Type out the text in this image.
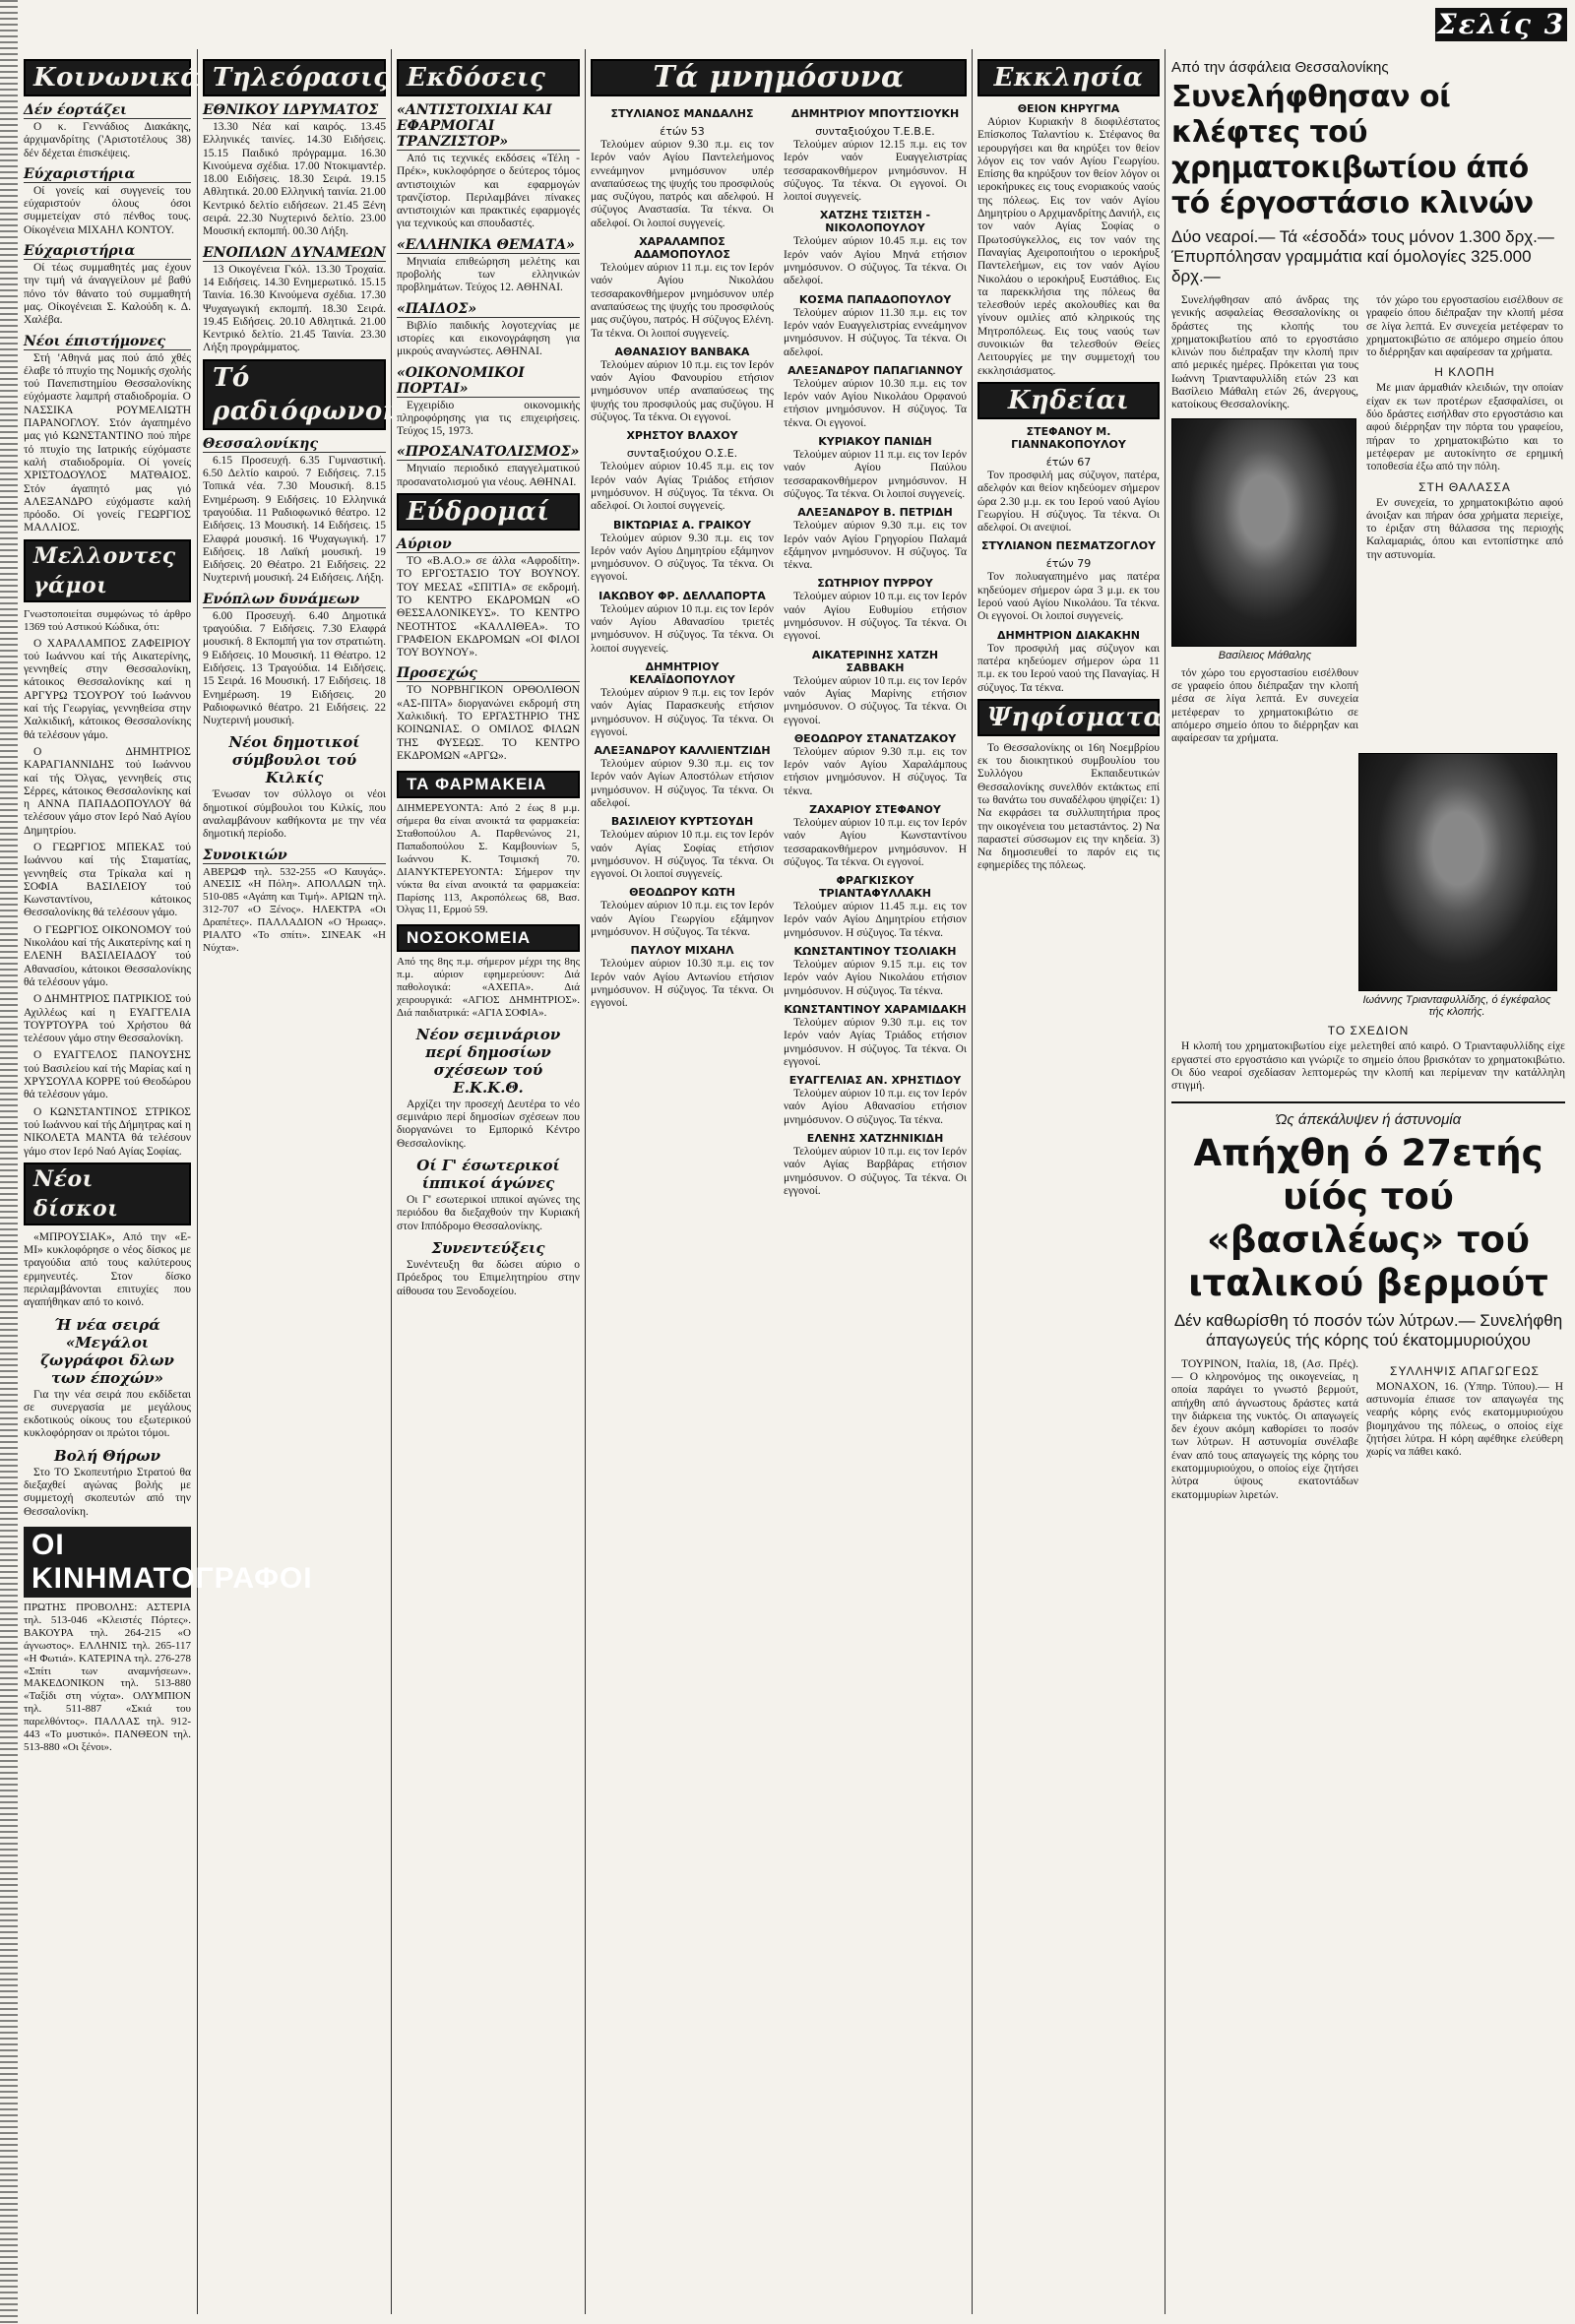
Κοινωνικά
Δέν έορτάζει

Ο κ. Γεννάδιος Διακάκης, άρχιμανδρίτης ('Αριστοτέλους 38) δέν δέχεται έπισκέψεις.

Εύχαριστήρια

Οί γονείς καί συγγενείς του εύχαριστούν όλους όσοι συμμετείχαν στό πένθος τους. Οίκογένεια ΜΙΧΑΗΛ ΚΟΝΤΟΥ.

Εύχαριστήρια

Οί τέως συμμαθητές μας έχουν την τιμή νά άναγγείλουν μέ βαθύ πόνο τόν θάνατο τού συμμαθητή μας. Οίκογένειαι Σ. Καλούδη κ. Δ. Χαλέβα.

Νέοι έπιστήμονες

Στή 'Αθηνά μας πού άπό χθές έλαβε τό πτυχίο της Νομικής σχολής τού Πανεπιστημίου Θεσσαλονίκης εύχόμαστε λαμπρή σταδιοδρομία. Ο ΝΑΣΣΙΚΑ ΡΟΥΜΕΛΙΩΤΗ ΠΑΡΑΝΟΓΛΟΥ. Στόν άγαπημένο μας γιό ΚΩΝΣΤΑΝΤΙΝΟ πού πήρε τό πτυχίο της Ιατρικής εύχόμαστε καλή σταδιοδρομία. Οί γονείς ΧΡΙΣΤΟΔΟΥΛΟΣ ΜΑΤΘΑΙΟΣ. Στόν άγαπητό μας γιό ΑΛΕΞΑΝΔΡΟ εύχόμαστε καλή πρόοδο. Οί γονείς ΓΕΩΡΓΙΟΣ ΜΑΛΛΙΟΣ.

Μελλοντες γάμοι

Γνωστοποιείται συμφώνως τό άρθρο 1369 τού Αστικού Κώδικα, ότι:

Ο ΧΑΡΑΛΑΜΠΟΣ ΖΑΦΕΙΡΙΟΥ τού Ιωάννου καί τής Αικατερίνης, γεννηθείς στην Θεσσαλονίκη, κάτοικος Θεσσαλονίκης καί η ΑΡΓΥΡΩ ΤΣΟΥΡΟΥ τού Ιωάννου καί τής Γεωργίας, γεννηθείσα στην Χαλκιδική, κάτοικος Θεσσαλονίκης θά τελέσουν γάμο.

Ο ΔΗΜΗΤΡΙΟΣ ΚΑΡΑΓΙΑΝΝΙΔΗΣ τού Ιωάννου καί τής Όλγας, γεννηθείς στις Σέρρες, κάτοικος Θεσσαλονίκης καί η ΑΝΝΑ ΠΑΠΑΔΟΠΟΥΛΟΥ θά τελέσουν γάμο στον Ιερό Ναό Αγίου Δημητρίου.

Ο ΓΕΩΡΓΙΟΣ ΜΠΕΚΑΣ τού Ιωάννου καί τής Σταματίας, γεννηθείς στα Τρίκαλα καί η ΣΟΦΙΑ ΒΑΣΙΛΕΙΟΥ τού Κωνσταντίνου, κάτοικος Θεσσαλονίκης θά τελέσουν γάμο.

Ο ΓΕΩΡΓΙΟΣ ΟΙΚΟΝΟΜΟΥ τού Νικολάου καί τής Αικατερίνης καί η ΕΛΕΝΗ ΒΑΣΙΛΕΙΑΔΟΥ τού Αθανασίου, κάτοικοι Θεσσαλονίκης θά τελέσουν γάμο.

Ο ΔΗΜΗΤΡΙΟΣ ΠΑΤΡΙΚΙΟΣ τού Αχιλλέως καί η ΕΥΑΓΓΕΛΙΑ ΤΟΥΡΤΟΥΡΑ τού Χρήστου θά τελέσουν γάμο στην Θεσσαλονίκη.

Ο ΕΥΑΓΓΕΛΟΣ ΠΑΝΟΥΣΗΣ τού Βασιλείου καί τής Μαρίας καί η ΧΡΥΣΟΥΛΑ ΚΟΡΡΕ τού Θεοδώρου θά τελέσουν γάμο.

Ο ΚΩΝΣΤΑΝΤΙΝΟΣ ΣΤΡΙΚΟΣ τού Ιωάννου καί τής Δήμητρας καί η ΝΙΚΟΛΕΤΑ ΜΑΝΤΑ θά τελέσουν γάμο στον Ιερό Ναό Αγίας Σοφίας.

Νέοι δίσκοι

«ΜΠΡΟΥΣΙΑΚ», Από την «Ε-ΜΙ» κυκλοφόρησε ο νέος δίσκος με τραγούδια από τους καλύτερους ερμηνευτές. Στον δίσκο περιλαμβάνονται επιτυχίες που αγαπήθηκαν από το κοινό.

Ή νέα σειρά «Μεγάλοι ζωγράφοι δλων των έποχών»

Για την νέα σειρά που εκδίδεται σε συνεργασία με μεγάλους εκδοτικούς οίκους του εξωτερικού κυκλοφόρησαν οι πρώτοι τόμοι.

Βολή Θήρων

Στο ΤΟ Σκοπευτήριο Στρατού θα διεξαχθεί αγώνας βολής με συμμετοχή σκοπευτών από την Θεσσαλονίκη.

ΟΙ ΚΙΝΗΜΑΤΟΓΡΑΦΟΙ

ΠΡΩΤΗΣ ΠΡΟΒΟΛΗΣ: ΑΣΤΕΡΙΑ τηλ. 513-046 «Κλειστές Πόρτες». ΒΑΚΟΥΡΑ τηλ. 264-215 «Ο άγνωστος». ΕΛΛΗΝΙΣ τηλ. 265-117 «Η Φωτιά». ΚΑΤΕΡΙΝΑ τηλ. 276-278 «Σπίτι των αναμνήσεων». ΜΑΚΕΔΟΝΙΚΟΝ τηλ. 513-880 «Ταξίδι στη νύχτα». ΟΛΥΜΠΙΟΝ τηλ. 511-887 «Σκιά του παρελθόντος». ΠΑΛΛΑΣ τηλ. 912-443 «Το μυστικό». ΠΑΝΘΕΟΝ τηλ. 513-880 «Οι ξένοι».

Τηλεόρασις
ΕΘΝΙΚΟΥ ΙΔΡΥΜΑΤΟΣ

13.30 Νέα καί καιρός. 13.45 Ελληνικές ταινίες. 14.30 Ειδήσεις. 15.15 Παιδικό πρόγραμμα. 16.30 Κινούμενα σχέδια. 17.00 Ντοκιμαντέρ. 18.00 Ειδήσεις. 18.30 Σειρά. 19.15 Αθλητικά. 20.00 Ελληνική ταινία. 21.00 Κεντρικό δελτίο ειδήσεων. 21.45 Ξένη σειρά. 22.30 Νυχτερινό δελτίο. 23.00 Μουσική εκπομπή. 00.30 Λήξη.

ΕΝΟΠΛΩΝ ΔΥΝΑΜΕΩΝ

13 Οικογένεια Γκόλ. 13.30 Τροχαία. 14 Ειδήσεις. 14.30 Ενημερωτικό. 15.15 Ταινία. 16.30 Κινούμενα σχέδια. 17.30 Ψυχαγωγική εκπομπή. 18.30 Σειρά. 19.45 Ειδήσεις. 20.10 Αθλητικά. 21.00 Κεντρικό δελτίο. 21.45 Ταινία. 23.30 Λήξη προγράμματος.

Τό ραδιόφωνον
Θεσσαλονίκης

6.15 Προσευχή. 6.35 Γυμναστική. 6.50 Δελτίο καιρού. 7 Ειδήσεις. 7.15 Τοπικά νέα. 7.30 Μουσική. 8.15 Ενημέρωση. 9 Ειδήσεις. 10 Ελληνικά τραγούδια. 11 Ραδιοφωνικό θέατρο. 12 Ειδήσεις. 13 Μουσική. 14 Ειδήσεις. 15 Ελαφρά μουσική. 16 Ψυχαγωγική. 17 Ειδήσεις. 18 Λαϊκή μουσική. 19 Ειδήσεις. 20 Θέατρο. 21 Ειδήσεις. 22 Νυχτερινή μουσική. 24 Ειδήσεις. Λήξη.

Ενόπλων δυνάμεων

6.00 Προσευχή. 6.40 Δημοτικά τραγούδια. 7 Ειδήσεις. 7.30 Ελαφρά μουσική. 8 Εκπομπή για τον στρατιώτη. 9 Ειδήσεις. 10 Μουσική. 11 Θέατρο. 12 Ειδήσεις. 13 Τραγούδια. 14 Ειδήσεις. 15 Σειρά. 16 Μουσική. 17 Ειδήσεις. 18 Ενημέρωση. 19 Ειδήσεις. 20 Ραδιοφωνικό θέατρο. 21 Ειδήσεις. 22 Νυχτερινή μουσική.

Νέοι δημοτικοί σύμβουλοι τού Κιλκίς

Ένωσαν τον σύλλογο οι νέοι δημοτικοί σύμβουλοι του Κιλκίς, που αναλαμβάνουν καθήκοντα με την νέα δημοτική περίοδο.

Συνοικιών

ΑΒΕΡΩΦ τηλ. 532-255 «Ο Καυγάς». ΑΝΕΣΙΣ «Η Πόλη». ΑΠΟΛΛΩΝ τηλ. 510-085 «Αγάπη και Τιμή». ΑΡΙΩΝ τηλ. 312-707 «Ο Ξένος». ΗΛΕΚΤΡΑ «Οι Δραπέτες». ΠΑΛΛΑΔΙΟΝ «Ο Ήρωας». ΡΙΑΛΤΟ «Το σπίτι». ΣΙΝΕΑΚ «Η Νύχτα».

Εκδόσεις
«ΑΝΤΙΣΤΟΙΧΙΑΙ ΚΑΙ ΕΦΑΡΜΟΓΑΙ ΤΡΑΝΖΙΣΤΟΡ»

Από τις τεχνικές εκδόσεις «Τέλη - Πρέκ», κυκλοφόρησε ο δεύτερος τόμος αντιστοιχιών και εφαρμογών τρανζίστορ. Περιλαμβάνει πίνακες αντιστοιχιών και πρακτικές εφαρμογές για τεχνικούς και σπουδαστές.

«ΕΛΛΗΝΙΚΑ ΘΕΜΑΤΑ»

Μηνιαία επιθεώρηση μελέτης και προβολής των ελληνικών προβλημάτων. Τεύχος 12. ΑΘΗΝΑΙ.

«ΠΑΙΔΟΣ»

Βιβλίο παιδικής λογοτεχνίας με ιστορίες και εικονογράφηση για μικρούς αναγνώστες. ΑΘΗΝΑΙ.

«ΟΙΚΟΝΟΜΙΚΟΙ ΠΟΡΤΑΙ»

Εγχειρίδιο οικονομικής πληροφόρησης για τις επιχειρήσεις. Τεύχος 15, 1973.

«ΠΡΟΣΑΝΑΤΟΛΙΣΜΟΣ»

Μηνιαίο περιοδικό επαγγελματικού προσανατολισμού για νέους. ΑΘΗΝΑΙ.

Εύδρομαί
Αύριον

ΤΟ «Β.Α.Ο.» σε άλλα «Αφροδίτη». ΤΟ ΕΡΓΟΣΤΑΣΙΟ ΤΟΥ ΒΟΥΝΟΥ. ΤΟΥ ΜΕΣΑΣ «ΣΠΙΤΙΑ» σε εκδρομή. ΤΟ ΚΕΝΤΡΟ ΕΚΔΡΟΜΩΝ «Ο ΘΕΣΣΑΛΟΝΙΚΕΥΣ». ΤΟ ΚΕΝΤΡΟ ΝΕΟΤΗΤΟΣ «ΚΑΛΛΙΘΕΑ». ΤΟ ΓΡΑΦΕΙΟΝ ΕΚΔΡΟΜΩΝ «ΟΙ ΦΙΛΟΙ ΤΟΥ ΒΟΥΝΟΥ».

Προσεχώς

ΤΟ ΝΟΡΒΗΓΙΚΟΝ ΟΡΘΟΛΙΘΟΝ «ΑΣ-ΠΙΤΑ» διοργανώνει εκδρομή στη Χαλκιδική. ΤΟ ΕΡΓΑΣΤΗΡΙΟ ΤΗΣ ΚΟΙΝΩΝΙΑΣ. Ο ΟΜΙΛΟΣ ΦΙΛΩΝ ΤΗΣ ΦΥΣΕΩΣ. ΤΟ ΚΕΝΤΡΟ ΕΚΔΡΟΜΩΝ «ΑΡΓΩ».

ΤΑ ΦΑΡΜΑΚΕΙΑ

ΔΙΗΜΕΡΕΥΟΝΤΑ: Από 2 έως 8 μ.μ. σήμερα θα είναι ανοικτά τα φαρμακεία: Σταθοπούλου Α. Παρθενώνος 21, Παπαδοπούλου Σ. Καμβουνίων 5, Ιωάννου Κ. Τσιμισκή 70. ΔΙΑΝΥΚΤΕΡΕΥΟΝΤΑ: Σήμερον την νύκτα θα είναι ανοικτά τα φαρμακεία: Παρίσης 113, Ακροπόλεως 68, Βασ. Όλγας 11, Ερμού 59.

ΝΟΣΟΚΟΜΕΙΑ

Από της 8ης π.μ. σήμερον μέχρι της 8ης π.μ. αύριον εφημερεύουν: Διά παθολογικά: «ΑΧΕΠΑ». Διά χειρουργικά: «ΑΓΙΟΣ ΔΗΜΗΤΡΙΟΣ». Διά παιδιατρικά: «ΑΓΙΑ ΣΟΦΙΑ».

Νέον σεμινάριον περί δημοσίων σχέσεων τού Ε.Κ.Κ.Θ.

Αρχίζει την προσεχή Δευτέρα το νέο σεμινάριο περί δημοσίων σχέσεων που διοργανώνει το Εμπορικό Κέντρο Θεσσαλονίκης.

Οί Γ' έσωτερικοί ίππικοί άγώνες

Οι Γ' εσωτερικοί ιππικοί αγώνες της περιόδου θα διεξαχθούν την Κυριακή στον Ιππόδρομο Θεσσαλονίκης.

Συνεντεύξεις

Συνέντευξη θα δώσει αύριο ο Πρόεδρος του Επιμελητηρίου στην αίθουσα του Ξενοδοχείου.

Τά μνημόσυνα
ΣΤΥΛΙΑΝΟΣ ΜΑΝΔΑΛΗΣ
έτών 53

Τελούμεν αύριον 9.30 π.μ. εις τον Ιερόν ναόν Αγίου Παντελεήμονος εννεάμηνον μνημόσυνον υπέρ αναπαύσεως της ψυχής του προσφιλούς μας συζύγου, πατρός και αδελφού. Η σύζυγος Αναστασία. Τα τέκνα. Οι αδελφοί. Οι λοιποί συγγενείς.

ΧΑΡΑΛΑΜΠΟΣ ΑΔΑΜΟΠΟΥΛΟΣ

Τελούμεν αύριον 11 π.μ. εις τον Ιερόν ναόν Αγίου Νικολάου τεσσαρακονθήμερον μνημόσυνον υπέρ αναπαύσεως της ψυχής του προσφιλούς μας συζύγου, πατρός. Η σύζυγος Ελένη. Τα τέκνα. Οι λοιποί συγγενείς.

ΑΘΑΝΑΣΙΟΥ ΒΑΝΒΑΚΑ

Τελούμεν αύριον 10 π.μ. εις τον Ιερόν ναόν Αγίου Φανουρίου ετήσιον μνημόσυνον υπέρ αναπαύσεως της ψυχής του προσφιλούς μας συζύγου. Η σύζυγος. Τα τέκνα. Οι εγγονοί.

ΧΡΗΣΤΟΥ ΒΛΑΧΟΥ
συνταξιούχου Ο.Σ.Ε.

Τελούμεν αύριον 10.45 π.μ. εις τον Ιερόν ναόν Αγίας Τριάδος ετήσιον μνημόσυνον. Η σύζυγος. Τα τέκνα. Οι αδελφοί. Οι λοιποί συγγενείς.

ΒΙΚΤΩΡΙΑΣ Α. ΓΡΑΙΚΟΥ

Τελούμεν αύριον 9.30 π.μ. εις τον Ιερόν ναόν Αγίου Δημητρίου εξάμηνον μνημόσυνον. Ο σύζυγος. Τα τέκνα. Οι εγγονοί.

ΙΑΚΩΒΟΥ ΦΡ. ΔΕΛΛΑΠΟΡΤΑ

Τελούμεν αύριον 10 π.μ. εις τον Ιερόν ναόν Αγίου Αθανασίου τριετές μνημόσυνον. Η σύζυγος. Τα τέκνα. Οι λοιποί συγγενείς.

ΔΗΜΗΤΡΙΟΥ ΚΕΛΑΪΔΟΠΟΥΛΟΥ

Τελούμεν αύριον 9 π.μ. εις τον Ιερόν ναόν Αγίας Παρασκευής ετήσιον μνημόσυνον. Η σύζυγος. Τα τέκνα. Οι εγγονοί.

ΑΛΕΞΑΝΔΡΟΥ ΚΑΛΛΙΕΝΤΖΙΔΗ

Τελούμεν αύριον 9.30 π.μ. εις τον Ιερόν ναόν Αγίων Αποστόλων ετήσιον μνημόσυνον. Η σύζυγος. Τα τέκνα. Οι αδελφοί.

ΒΑΣΙΛΕΙΟΥ ΚΥΡΤΣΟΥΔΗ

Τελούμεν αύριον 10 π.μ. εις τον Ιερόν ναόν Αγίας Σοφίας ετήσιον μνημόσυνον. Η σύζυγος. Τα τέκνα. Οι εγγονοί. Οι λοιποί συγγενείς.

ΘΕΟΔΩΡΟΥ ΚΩΤΗ

Τελούμεν αύριον 10 π.μ. εις τον Ιερόν ναόν Αγίου Γεωργίου εξάμηνον μνημόσυνον. Η σύζυγος. Τα τέκνα.

ΠΑΥΛΟΥ ΜΙΧΑΗΛ

Τελούμεν αύριον 10.30 π.μ. εις τον Ιερόν ναόν Αγίου Αντωνίου ετήσιον μνημόσυνον. Η σύζυγος. Τα τέκνα. Οι εγγονοί.

ΔΗΜΗΤΡΙΟΥ ΜΠΟΥΤΣΙΟΥΚΗ
συνταξιούχου Τ.Ε.Β.Ε.

Τελούμεν αύριον 12.15 π.μ. εις τον Ιερόν ναόν Ευαγγελιστρίας τεσσαρακονθήμερον μνημόσυνον. Η σύζυγος. Τα τέκνα. Οι εγγονοί. Οι λοιποί συγγενείς.

ΧΑΤΖΗΣ ΤΣΙΣΤΣΗ - ΝΙΚΟΛΟΠΟΥΛΟΥ

Τελούμεν αύριον 10.45 π.μ. εις τον Ιερόν ναόν Αγίου Μηνά ετήσιον μνημόσυνον. Ο σύζυγος. Τα τέκνα. Οι αδελφοί.

ΚΟΣΜΑ ΠΑΠΑΔΟΠΟΥΛΟΥ

Τελούμεν αύριον 11.30 π.μ. εις τον Ιερόν ναόν Ευαγγελιστρίας εννεάμηνον μνημόσυνον. Η σύζυγος. Τα τέκνα. Οι αδελφοί.

ΑΛΕΞΑΝΔΡΟΥ ΠΑΠΑΓΙΑΝΝΟΥ

Τελούμεν αύριον 10.30 π.μ. εις τον Ιερόν ναόν Αγίου Νικολάου Ορφανού ετήσιον μνημόσυνον. Η σύζυγος. Τα τέκνα. Οι εγγονοί.

ΚΥΡΙΑΚΟΥ ΠΑΝΙΔΗ

Τελούμεν αύριον 11 π.μ. εις τον Ιερόν ναόν Αγίου Παύλου τεσσαρακονθήμερον μνημόσυνον. Η σύζυγος. Τα τέκνα. Οι λοιποί συγγενείς.

ΑΛΕΞΑΝΔΡΟΥ Β. ΠΕΤΡΙΔΗ

Τελούμεν αύριον 9.30 π.μ. εις τον Ιερόν ναόν Αγίου Γρηγορίου Παλαμά εξάμηνον μνημόσυνον. Η σύζυγος. Τα τέκνα.

ΣΩΤΗΡΙΟΥ ΠΥΡΡΟΥ

Τελούμεν αύριον 10 π.μ. εις τον Ιερόν ναόν Αγίου Ευθυμίου ετήσιον μνημόσυνον. Η σύζυγος. Τα τέκνα. Οι εγγονοί.

ΑΙΚΑΤΕΡΙΝΗΣ ΧΑΤΖΗ ΣΑΒΒΑΚΗ

Τελούμεν αύριον 10 π.μ. εις τον Ιερόν ναόν Αγίας Μαρίνης ετήσιον μνημόσυνον. Ο σύζυγος. Τα τέκνα. Οι εγγονοί.

ΘΕΟΔΩΡΟΥ ΣΤΑΝΑΤΖΑΚΟΥ

Τελούμεν αύριον 9.30 π.μ. εις τον Ιερόν ναόν Αγίου Χαραλάμπους ετήσιον μνημόσυνον. Η σύζυγος. Τα τέκνα.

ΖΑΧΑΡΙΟΥ ΣΤΕΦΑΝΟΥ

Τελούμεν αύριον 10 π.μ. εις τον Ιερόν ναόν Αγίου Κωνσταντίνου τεσσαρακονθήμερον μνημόσυνον. Η σύζυγος. Τα τέκνα. Οι εγγονοί.

ΦΡΑΓΚΙΣΚΟΥ ΤΡΙΑΝΤΑΦΥΛΛΑΚΗ

Τελούμεν αύριον 11.45 π.μ. εις τον Ιερόν ναόν Αγίου Δημητρίου ετήσιον μνημόσυνον. Η σύζυγος. Τα τέκνα.

ΚΩΝΣΤΑΝΤΙΝΟΥ ΤΣΟΛΙΑΚΗ

Τελούμεν αύριον 9.15 π.μ. εις τον Ιερόν ναόν Αγίου Νικολάου ετήσιον μνημόσυνον. Η σύζυγος. Τα τέκνα.

ΚΩΝΣΤΑΝΤΙΝΟΥ ΧΑΡΑΜΙΔΑΚΗ

Τελούμεν αύριον 9.30 π.μ. εις τον Ιερόν ναόν Αγίας Τριάδος ετήσιον μνημόσυνον. Η σύζυγος. Τα τέκνα. Οι εγγονοί.

ΕΥΑΓΓΕΛΙΑΣ ΑΝ. ΧΡΗΣΤΙΔΟΥ

Τελούμεν αύριον 10 π.μ. εις τον Ιερόν ναόν Αγίου Αθανασίου ετήσιον μνημόσυνον. Ο σύζυγος. Τα τέκνα.

ΕΛΕΝΗΣ ΧΑΤΖΗΝΙΚΙΔΗ

Τελούμεν αύριον 10 π.μ. εις τον Ιερόν ναόν Αγίας Βαρβάρας ετήσιον μνημόσυνον. Ο σύζυγος. Τα τέκνα. Οι εγγονοί.

Εκκλησία
ΘΕΙΟΝ ΚΗΡΥΓΜΑ

Αύριον Κυριακήν 8 διοφιλέστατος Επίσκοπος Ταλαντίου κ. Στέφανος θα ιερουργήσει και θα κηρύξει τον θείον λόγον εις τον ναόν Αγίου Γεωργίου. Επίσης θα κηρύξουν τον θείον λόγον οι ιεροκήρυκες εις τους ενοριακούς ναούς της πόλεως. Εις τον ναόν Αγίου Δημητρίου ο Αρχιμανδρίτης Δανιήλ, εις τον ναόν Αγίας Σοφίας ο Πρωτοσύγκελλος, εις τον ναόν της Παναγίας Αχειροποιήτου ο ιεροκήρυξ Παντελεήμων, εις τον ναόν Αγίου Νικολάου ο ιεροκήρυξ Ευστάθιος. Εις τα παρεκκλήσια της πόλεως θα τελεσθούν ιερές ακολουθίες και θα γίνουν ομιλίες από κληρικούς της Μητροπόλεως. Εις τους ναούς των συνοικιών θα τελεσθούν Θείες Λειτουργίες με την συμμετοχή του εκκλησιάσματος.

Κηδείαι
ΣΤΕΦΑΝΟΥ Μ. ΓΙΑΝΝΑΚΟΠΟΥΛΟΥ
έτών 67

Τον προσφιλή μας σύζυγον, πατέρα, αδελφόν και θείον κηδεύομεν σήμερον ώρα 2.30 μ.μ. εκ του Ιερού ναού Αγίου Γεωργίου. Η σύζυγος. Τα τέκνα. Οι αδελφοί. Οι ανεψιοί.

ΣΤΥΛΙΑΝΟΝ ΠΕΣΜΑΤΖΟΓΛΟΥ
έτών 79

Τον πολυαγαπημένο μας πατέρα κηδεύομεν σήμερον ώρα 3 μ.μ. εκ του Ιερού ναού Αγίου Νικολάου. Τα τέκνα. Οι εγγονοί. Οι λοιποί συγγενείς.

ΔΗΜΗΤΡΙΟΝ ΔΙΑΚΑΚΗΝ

Τον προσφιλή μας σύζυγον και πατέρα κηδεύομεν σήμερον ώρα 11 π.μ. εκ του Ιερού ναού της Παναγίας. Η σύζυγος. Τα τέκνα.

Ψηφίσματα

Το Θεσσαλονίκης οι 16η Νοεμβρίου εκ του διοικητικού συμβουλίου του Συλλόγου Εκπαιδευτικών Θεσσαλονίκης συνελθόν εκτάκτως επί τω θανάτω του συναδέλφου ψηφίζει: 1) Να εκφράσει τα συλλυπητήρια προς την οικογένεια του μεταστάντος. 2) Να παραστεί σύσσωμον εις την κηδεία. 3) Να δημοσιευθεί το παρόν εις τις εφημερίδες της πόλεως.

Σελίς 3
Από την άσφάλεια Θεσσαλονίκης
Συνελήφθησαν οί κλέφτες τού χρηματοκιβωτίου άπό τό έργοστάσιο κλινών
Δύο νεαροί.— Τά «έσοδά» τους μόνον 1.300 δρχ.— Έπυρπόλησαν γραμμάτια καί όμολογίες 325.000 δρχ.—

Συνελήφθησαν από άνδρας της γενικής ασφαλείας Θεσσαλονίκης οι δράστες της κλοπής του χρηματοκιβωτίου από το εργοστάσιο κλινών που διέπραξαν την κλοπή πριν από μερικές ημέρες. Πρόκειται για τους Ιωάννη Τριανταφυλλίδη ετών 23 και Βασίλειο Μάθαλη ετών 26, άνεργους, κατοίκους Θεσσαλονίκης.

Βασίλειος Μάθαλης

τόν χώρο του εργοστασίου εισέλθουν σε γραφείο όπου διέπραξαν την κλοπή μέσα σε λίγα λεπτά. Εν συνεχεία μετέφεραν το χρηματοκιβώτιο σε απόμερο σημείο όπου το διέρρηξαν και αφαίρεσαν τα χρήματα.

τόν χώρο του εργοστασίου εισέλθουν σε γραφείο όπου διέπραξαν την κλοπή μέσα σε λίγα λεπτά. Εν συνεχεία μετέφεραν το χρηματοκιβώτιο σε απόμερο σημείο όπου το διέρρηξαν και αφαίρεσαν τα χρήματα.

Η ΚΛΟΠΗ

Με μιαν άρμαθιάν κλειδιών, την οποίαν είχαν εκ των προτέρων εξασφαλίσει, οι δύο δράστες εισήλθαν στο εργοστάσιο και αφού διέρρηξαν την πόρτα του γραφείου, πήραν το χρηματοκιβώτιο και το μετέφεραν με αυτοκίνητο σε ερημική τοποθεσία έξω από την πόλη.

ΣΤΗ ΘΑΛΑΣΣΑ

Εν συνεχεία, το χρηματοκιβώτιο αφού άνοιξαν και πήραν όσα χρήματα περιείχε, το έριξαν στη θάλασσα της περιοχής Καλαμαριάς, όπου και εντοπίστηκε από την αστυνομία.

Ιωάννης Τριανταφυλλίδης, ό έγκέφαλος τής κλοπής.
ΤΟ ΣΧΕΔΙΟΝ

Η κλοπή του χρηματοκιβωτίου είχε μελετηθεί από καιρό. Ο Τριανταφυλλίδης είχε εργαστεί στο εργοστάσιο και γνώριζε το σημείο όπου βρισκόταν το χρηματοκιβώτιο. Οι δύο νεαροί σχεδίασαν λεπτομερώς την κλοπή και περίμεναν την κατάλληλη στιγμή.

Ώς άπεκάλυψεν ή άστυνομία
Απήχθη ό 27ετής υίός τού «βασιλέως» τού ιταλικού βερμούτ
Δέν καθωρίσθη τό ποσόν τών λύτρων.— Συνελήφθη άπαγωγεύς τής κόρης τού έκατομμυριούχου

ΤΟΥΡΙΝΟΝ, Ιταλία, 18, (Ασ. Πρές).— Ο κληρονόμος της οικογενείας, η οποία παράγει το γνωστό βερμούτ, απήχθη από άγνωστους δράστες κατά την διάρκεια της νυκτός. Οι απαγωγείς δεν έχουν ακόμη καθορίσει το ποσόν των λύτρων. Η αστυνομία συνέλαβε έναν από τους απαγωγείς της κόρης του εκατομμυριούχου, ο οποίος είχε ζητήσει λύτρα ύψους εκατοντάδων εκατομμυρίων λιρετών.

ΣΥΛΛΗΨΙΣ ΑΠΑΓΩΓΕΩΣ

ΜΟΝΑΧΟΝ, 16. (Υπηρ. Τύπου).— Η αστυνομία έπιασε τον απαγωγέα της νεαρής κόρης ενός εκατομμυριούχου βιομηχάνου της πόλεως, ο οποίος είχε ζητήσει λύτρα. Η κόρη αφέθηκε ελεύθερη χωρίς να πάθει κακό.
